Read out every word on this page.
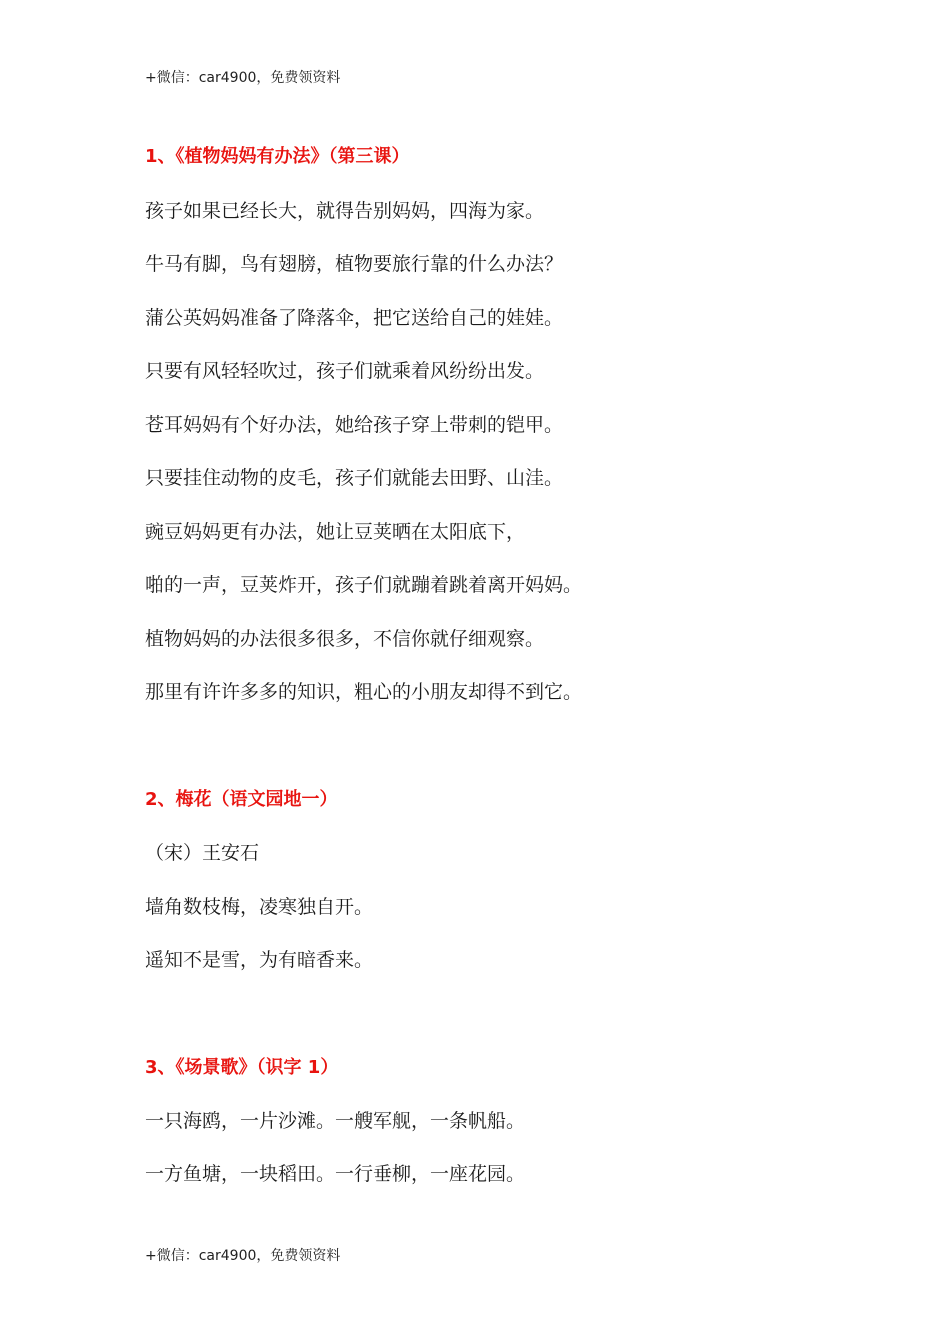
+微信：car4900，免费领资料
1、《植物妈妈有办法》（第三课）
孩子如果已经长大，就得告别妈妈，四海为家。
牛马有脚，鸟有翅膀，植物要旅行靠的什么办法？
蒲公英妈妈准备了降落伞，把它送给自己的娃娃。
只要有风轻轻吹过，孩子们就乘着风纷纷出发。
苍耳妈妈有个好办法，她给孩子穿上带刺的铠甲。
只要挂住动物的皮毛，孩子们就能去田野、山洼。
豌豆妈妈更有办法，她让豆荚晒在太阳底下，
啪的一声，豆荚炸开，孩子们就蹦着跳着离开妈妈。
植物妈妈的办法很多很多，不信你就仔细观察。
那里有许许多多的知识，粗心的小朋友却得不到它。
2、梅花（语文园地一）
（宋）王安石
墙角数枝梅，凌寒独自开。
遥知不是雪，为有暗香来。
3、《场景歌》（识字 1）
一只海鸥，一片沙滩。一艘军舰，一条帆船。
一方鱼塘，一块稻田。一行垂柳，一座花园。
+微信：car4900，免费领资料
